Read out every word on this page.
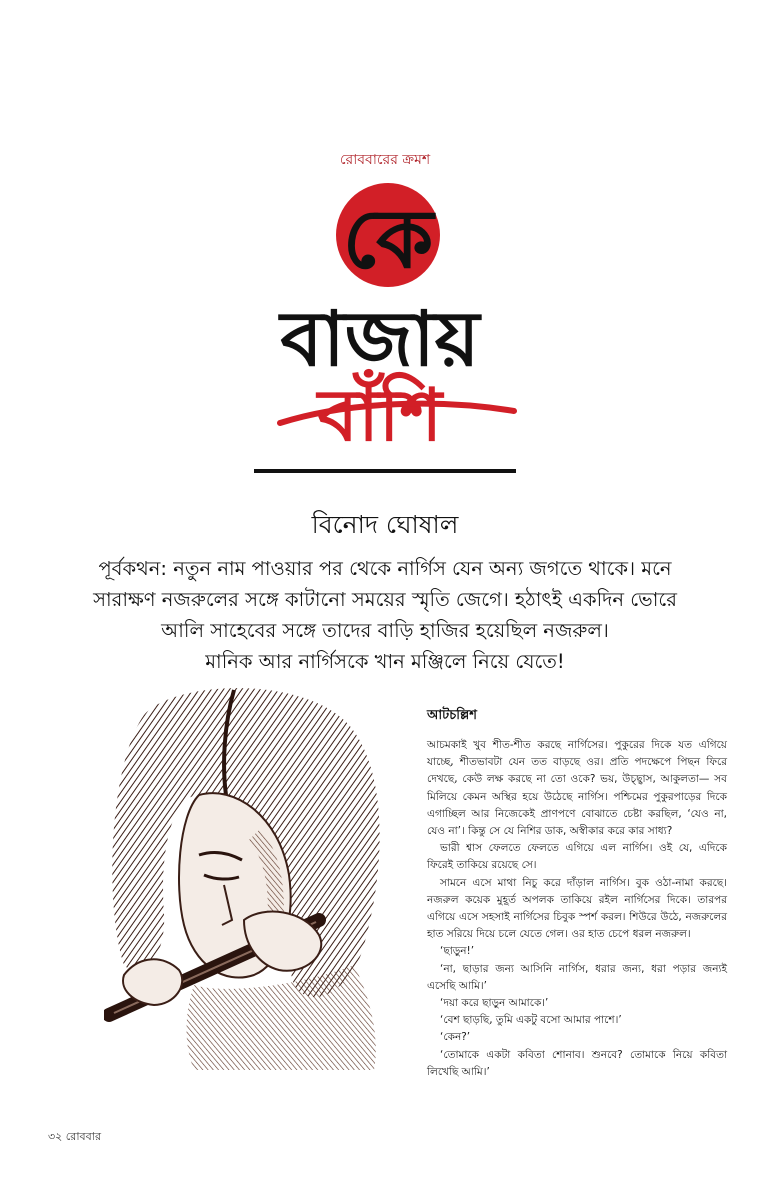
রোববারের ক্রমশ
কে
বাজায়
বাঁশি
বিনোদ ঘোষাল
পূর্বকথন: নতুন নাম পাওয়ার পর থেকে নার্গিস যেন অন্য জগতে থাকে। মনে
সারাক্ষণ নজরুলের সঙ্গে কাটানো সময়ের স্মৃতি জেগে। হঠাৎই একদিন ভোরে
আলি সাহেবের সঙ্গে তাদের বাড়ি হাজির হয়েছিল নজরুল।
মানিক আর নার্গিসকে খান মঞ্জিলে নিয়ে যেতে!
আটচল্লিশ

আচমকাই খুব শীত-শীত করছে নার্গিসের। পুকুরের দিকে যত এগিয়ে যাচ্ছে, শীতভাবটা যেন তত বাড়ছে ওর। প্রতি পদক্ষেপে পিছন ফিরে দেখছে, কেউ লক্ষ করছে না তো ওকে? ভয়, উচ্ছ্বাস, আকুলতা— সব মিলিয়ে কেমন অস্থির হয়ে উঠেছে নার্গিস। পশ্চিমের পুকুরপাড়ের দিকে এগাচ্ছিল আর নিজেকেই প্রাণপণে বোঝাতে চেষ্টা করছিল, ‘যেও না, যেও না’। কিন্তু সে যে নিশির ডাক, অস্বীকার করে কার সাধ্য?

ভারী শ্বাস ফেলতে ফেলতে এগিয়ে এল নার্গিস। ওই যে, এদিকে ফিরেই তাকিয়ে রয়েছে সে।

সামনে এসে মাথা নিচু করে দাঁড়াল নার্গিস। বুক ওঠা-নামা করছে। নজরুল কয়েক মুহূর্ত অপলক তাকিয়ে রইল নার্গিসের দিকে। তারপর এগিয়ে এসে সহসাই নার্গিসের চিবুক স্পর্শ করল। শিউরে উঠে, নজরুলের হাত সরিয়ে দিয়ে চলে যেতে গেল। ওর হাত চেপে ধরল নজরুল।

‘ছাড়ুন!’

‘না, ছাড়ার জন্য আসিনি নার্গিস, ধরার জন্য, ধরা পড়ার জন্যই এসেছি আমি।’

‘দয়া করে ছাড়ুন আমাকে।’

‘বেশ ছাড়ছি, তুমি একটু বসো আমার পাশে।’

‘কেন?’

‘তোমাকে একটা কবিতা শোনাব। শুনবে? তোমাকে নিয়ে কবিতা লিখেছি আমি।’

৩২ রোববার
